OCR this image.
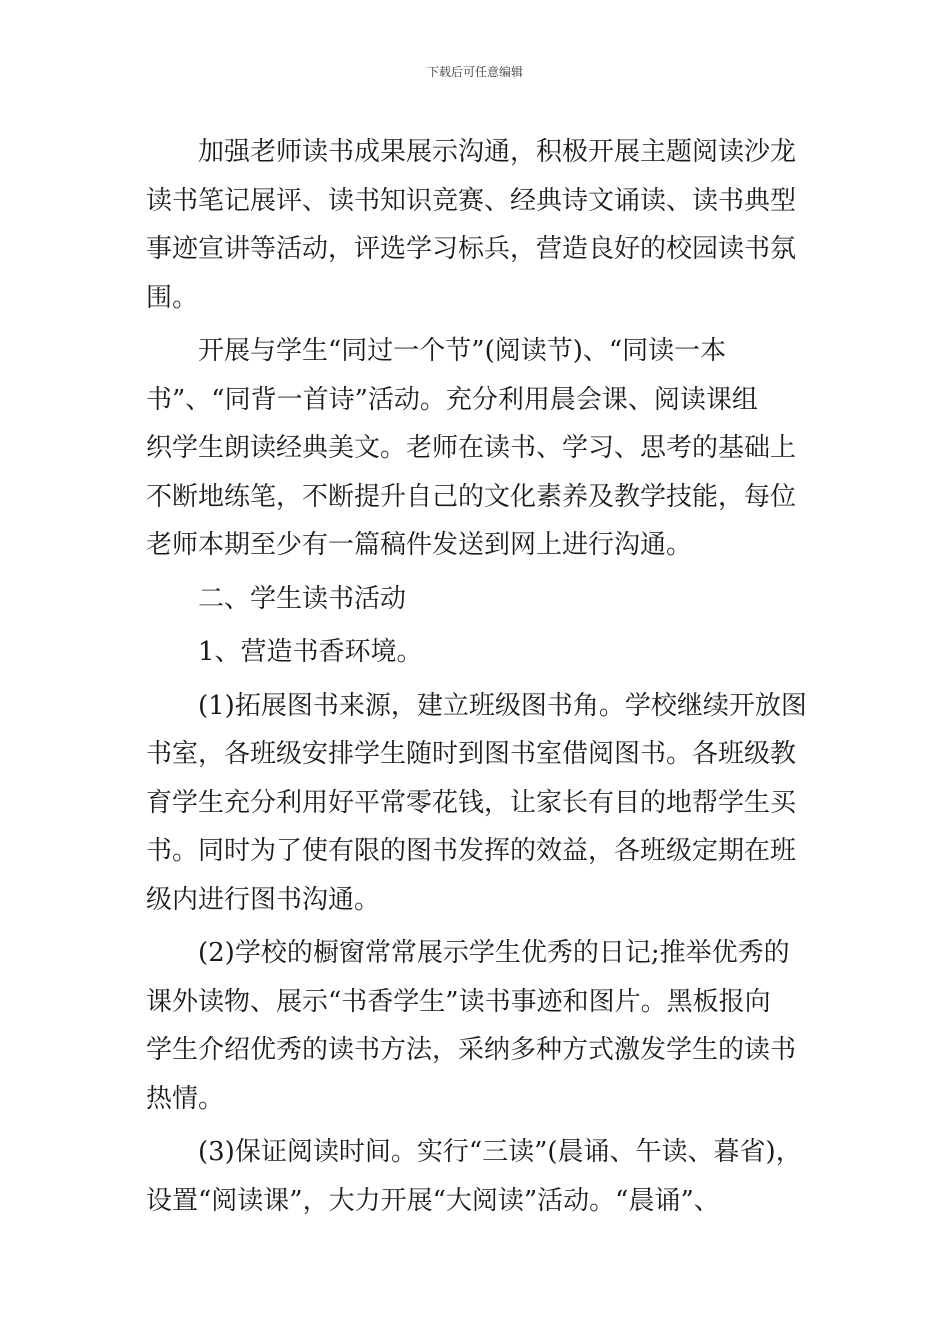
下载后可任意编辑
加强老师读书成果展示沟通，积极开展主题阅读沙龙
读书笔记展评、读书知识竞赛、经典诗文诵读、读书典型
事迹宣讲等活动，评选学习标兵，营造良好的校园读书氛
围。
开展与学生“同过一个节”(阅读节)、“同读一本
书”、“同背一首诗”活动。充分利用晨会课、阅读课组
织学生朗读经典美文。老师在读书、学习、思考的基础上
不断地练笔，不断提升自己的文化素养及教学技能，每位
老师本期至少有一篇稿件发送到网上进行沟通。
二、学生读书活动
1、营造书香环境。
(1)拓展图书来源，建立班级图书角。学校继续开放图
书室，各班级安排学生随时到图书室借阅图书。各班级教
育学生充分利用好平常零花钱，让家长有目的地帮学生买
书。同时为了使有限的图书发挥的效益，各班级定期在班
级内进行图书沟通。
(2)学校的橱窗常常展示学生优秀的日记;推举优秀的
课外读物、展示“书香学生”读书事迹和图片。黑板报向
学生介绍优秀的读书方法，采纳多种方式激发学生的读书
热情。
(3)保证阅读时间。实行“三读”(晨诵、午读、暮省)，
设置“阅读课”，大力开展“大阅读”活动。“晨诵”、
